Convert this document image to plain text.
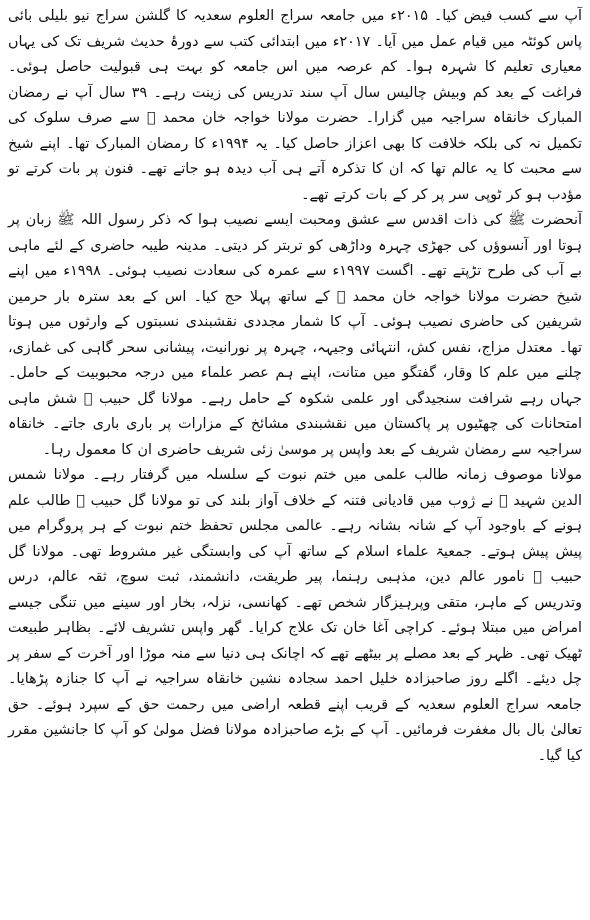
آپ سے کسب فیض کیا۔ ۲۰۱۵ء میں جامعہ سراج العلوم سعدیہ کا گلشن سراج نیو بلیلی بائی پاس کوئٹہ میں قیام عمل میں آیا۔ ۲۰۱۷ء میں ابتدائی کتب سے دورۂ حدیث شریف تک کی یہاں معیاری تعلیم کا شہرہ ہوا۔ کم عرصہ میں اس جامعہ کو بہت ہی قبولیت حاصل ہوئی۔ فراغت کے بعد کم وبیش چالیس سال آپ سند تدریس کی زینت رہے۔ ۳۹ سال آپ نے رمضان المبارک خانقاہ سراجیہ میں گزارا۔ حضرت مولانا خواجہ خان محمد ﷫ سے صرف سلوک کی تکمیل نہ کی بلکہ خلافت کا بھی اعزاز حاصل کیا۔ یہ ۱۹۹۴ء کا رمضان المبارک تھا۔ اپنے شیخ سے محبت کا یہ عالم تھا کہ ان کا تذکرہ آتے ہی آب دیدہ ہو جاتے تھے۔ فنون پر بات کرتے تو مؤدب ہو کر ٹوپی سر پر کر کے بات کرتے تھے۔

آنحضرت ﷺ کی ذات اقدس سے عشق ومحبت ایسے نصیب ہوا کہ ذکر رسول اللہ ﷺ زبان پر ہوتا اور آنسوؤں کی جھڑی چہرہ وداڑھی کو تربتر کر دیتی۔ مدینہ طیبہ حاضری کے لئے ماہی بے آب کی طرح تڑپتے تھے۔ اگست ۱۹۹۷ء سے عمرہ کی سعادت نصیب ہوئی۔ ۱۹۹۸ء میں اپنے شیخ حضرت مولانا خواجہ خان محمد ﷫ کے ساتھ پہلا حج کیا۔ اس کے بعد سترہ بار حرمین شریفین کی حاضری نصیب ہوئی۔ آپ کا شمار مجددی نقشبندی نسبتوں کے وارثوں میں ہوتا تھا۔ معتدل مزاج، نفس کش، انتہائی وجیہہ، چہرہ پر نورانیت، پیشانی سحر گاہی کی غمازی، چلنے میں علم کا وقار، گفتگو میں متانت، اپنے ہم عصر علماء میں درجہ محبوبیت کے حامل۔ جہاں رہے شرافت سنجیدگی اور علمی شکوہ کے حامل رہے۔ مولانا گل حبیب ﷫ شش ماہی امتحانات کی چھٹیوں پر پاکستان میں نقشبندی مشائخ کے مزارات پر باری باری جاتے۔ خانقاہ سراجیہ سے رمضان شریف کے بعد واپس پر موسیٰ زئی شریف حاضری ان کا معمول رہا۔

مولانا موصوف زمانہ طالب علمی میں ختم نبوت کے سلسلہ میں گرفتار رہے۔ مولانا شمس الدین شہید ﷫ نے ژوب میں قادیانی فتنہ کے خلاف آواز بلند کی تو مولانا گل حبیب ﷫ طالب علم ہونے کے باوجود آپ کے شانہ بشانہ رہے۔ عالمی مجلس تحفظ ختم نبوت کے ہر پروگرام میں پیش پیش ہوتے۔ جمعیۃ علماء اسلام کے ساتھ آپ کی وابستگی غیر مشروط تھی۔ مولانا گل حبیب ﷫ نامور عالم دین، مذہبی رہنما، پیر طریقت، دانشمند، ثبت سوچ، ثقہ عالم، درس وتدریس کے ماہر، متقی وپرہیزگار شخص تھے۔ کھانسی، نزلہ، بخار اور سینے میں تنگی جیسے امراض میں مبتلا ہوئے۔ کراچی آغا خان تک علاج کرایا۔ گھر واپس تشریف لائے۔ بظاہر طبیعت ٹھیک تھی۔ ظہر کے بعد مصلے پر بیٹھے تھے کہ اچانک ہی دنیا سے منہ موڑا اور آخرت کے سفر پر چل دیئے۔ اگلے روز صاحبزادہ خلیل احمد سجادہ نشین خانقاہ سراجیہ نے آپ کا جنازہ پڑھایا۔ جامعہ سراج العلوم سعدیہ کے قریب اپنے قطعہ اراضی میں رحمت حق کے سپرد ہوئے۔ حق تعالیٰ بال بال مغفرت فرمائیں۔ آپ کے بڑے صاحبزادہ مولانا فضل مولیٰ کو آپ کا جانشین مقرر کیا گیا۔
